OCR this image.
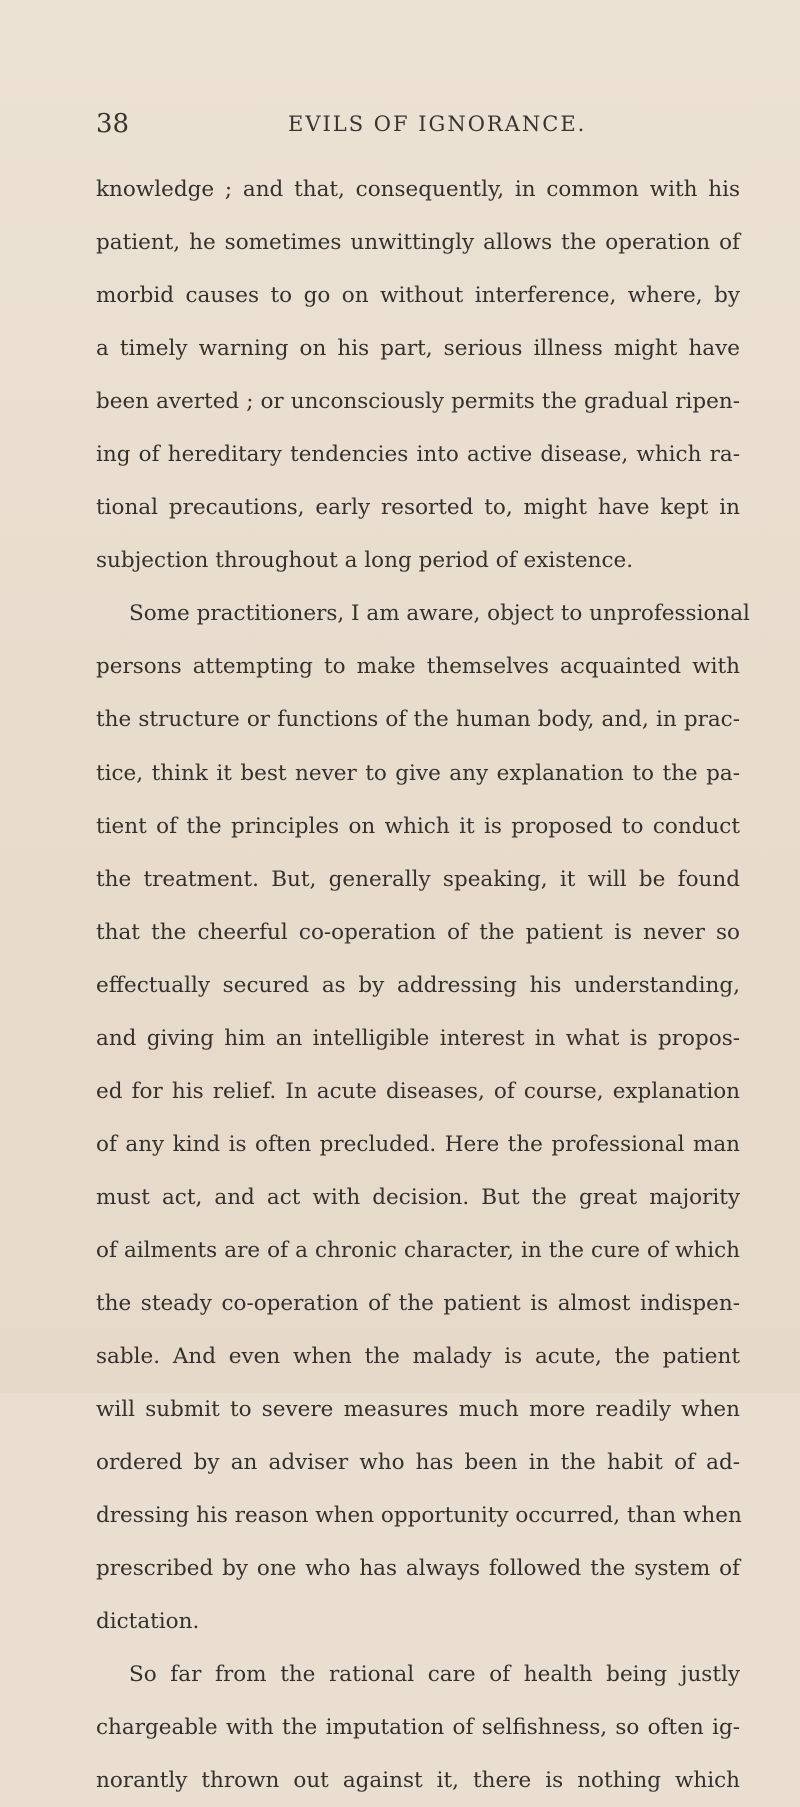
38	EVILS OF IGNORANCE.
knowledge ; and that, consequently, in common with his
patient, he sometimes unwittingly allows the operation of
morbid causes to go on without interference, where, by
a timely warning on his part, serious illness might have
been averted ; or unconsciously permits the gradual ripen-
ing of hereditary tendencies into active disease, which ra-
tional precautions, early resorted to, might have kept in
subjection throughout a long period of existence.
Some practitioners, I am aware, object to unprofessional
persons attempting to make themselves acquainted with
the structure or functions of the human body, and, in prac-
tice, think it best never to give any explanation to the pa-
tient of the principles on which it is proposed to conduct
the treatment. But, generally speaking, it will be found
that the cheerful co-operation of the patient is never so
effectually secured as by addressing his understanding,
and giving him an intelligible interest in what is propos-
ed for his relief. In acute diseases, of course, explanation
of any kind is often precluded. Here the professional man
must act, and act with decision. But the great majority
of ailments are of a chronic character, in the cure of which
the steady co-operation of the patient is almost indispen-
sable. And even when the malady is acute, the patient
will submit to severe measures much more readily when
ordered by an adviser who has been in the habit of ad-
dressing his reason when opportunity occurred, than when
prescribed by one who has always followed the system of
dictation.
So far from the rational care of health being justly
chargeable with the imputation of selfishness, so often ig-
norantly thrown out against it, there is nothing which
